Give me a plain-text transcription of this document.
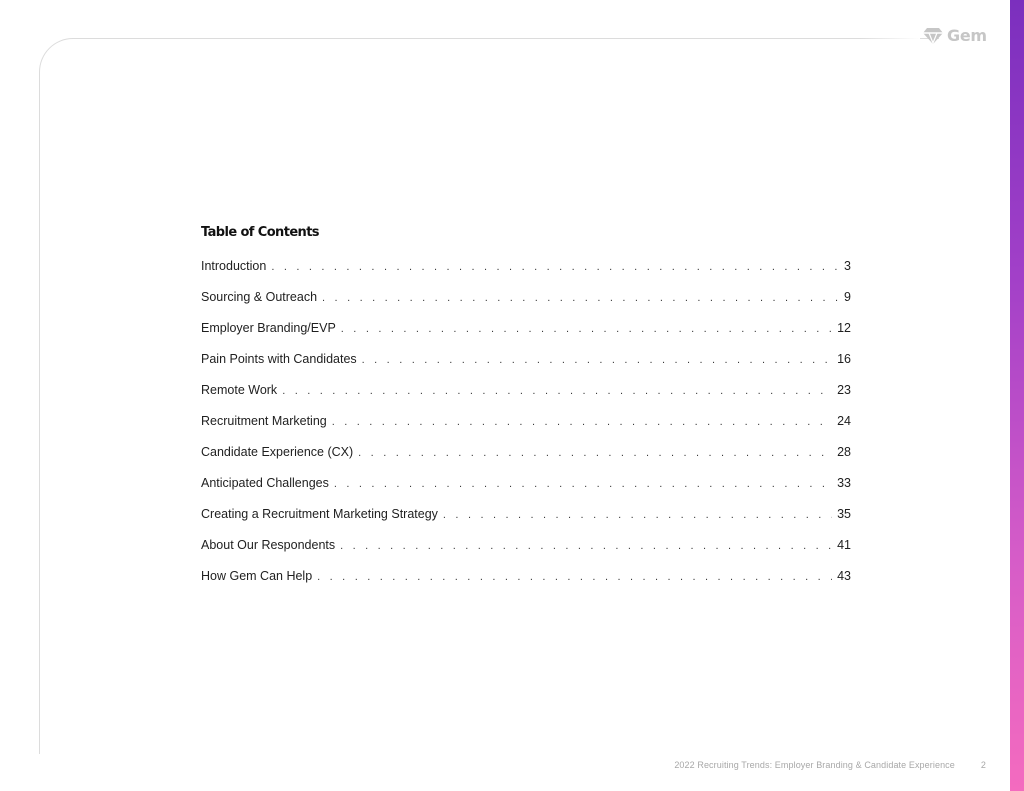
Gem
Table of Contents
Introduction . . .	3
Sourcing & Outreach . . .	9
Employer Branding/EVP . . .	12
Pain Points with Candidates . . .	16
Remote Work . . .	23
Recruitment Marketing . . .	24
Candidate Experience (CX) . . .	28
Anticipated Challenges . . .	33
Creating a Recruitment Marketing Strategy . . .	35
About Our Respondents . . .	41
How Gem Can Help . . .	43
2022 Recruiting Trends: Employer Branding & Candidate Experience	2
